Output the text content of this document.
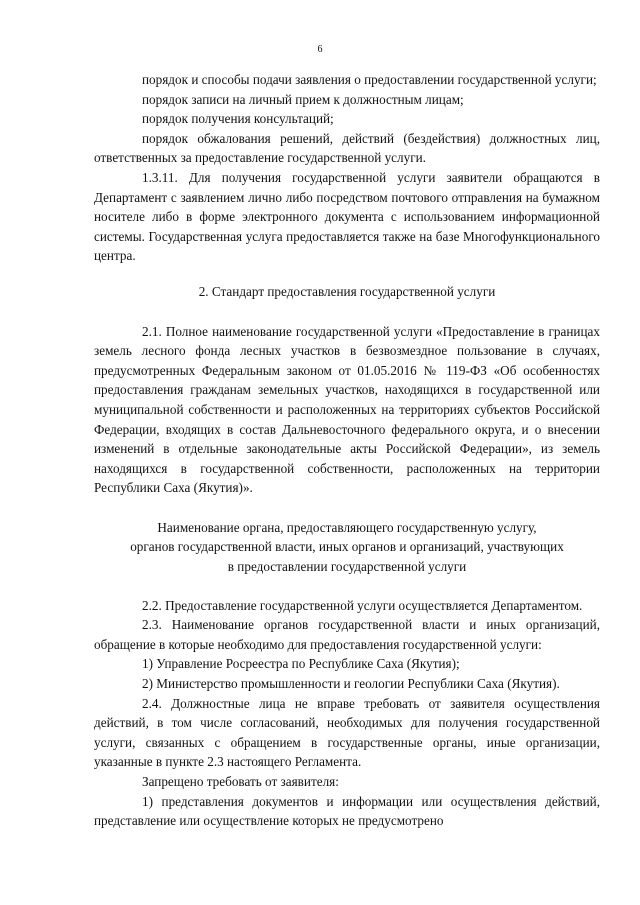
6

порядок и способы подачи заявления о предоставлении государственной услуги;

порядок записи на личный прием к должностным лицам;

порядок получения консультаций;

порядок обжалования решений, действий (бездействия) должностных лиц, ответственных за предоставление государственной услуги.

1.3.11. Для получения государственной услуги заявители обращаются в Департамент с заявлением лично либо посредством почтового отправления на бумажном носителе либо в форме электронного документа с использованием информационной системы. Государственная услуга предоставляется также на базе Многофункционального центра.

2. Стандарт предоставления государственной услуги

2.1. Полное наименование государственной услуги «Предоставление в границах земель лесного фонда лесных участков в безвозмездное пользование в случаях, предусмотренных Федеральным законом от 01.05.2016 № 119-ФЗ «Об особенностях предоставления гражданам земельных участков, находящихся в государственной или муниципальной собственности и расположенных на территориях субъектов Российской Федерации, входящих в состав Дальневосточного федерального округа, и о внесении изменений в отдельные законодательные акты Российской Федерации», из земель находящихся в государственной собственности, расположенных на территории Республики Саха (Якутия)».

Наименование органа, предоставляющего государственную услугу,
органов государственной власти, иных органов и организаций, участвующих
в предоставлении государственной услуги

2.2. Предоставление государственной услуги осуществляется Департаментом.

2.3. Наименование органов государственной власти и иных организаций, обращение в которые необходимо для предоставления государственной услуги:

1) Управление Росреестра по Республике Саха (Якутия);

2) Министерство промышленности и геологии Республики Саха (Якутия).

2.4. Должностные лица не вправе требовать от заявителя осуществления действий, в том числе согласований, необходимых для получения государственной услуги, связанных с обращением в государственные органы, иные организации, указанные в пункте 2.3 настоящего Регламента.

Запрещено требовать от заявителя:

1) представления документов и информации или осуществления действий, представление или осуществление которых не предусмотрено
